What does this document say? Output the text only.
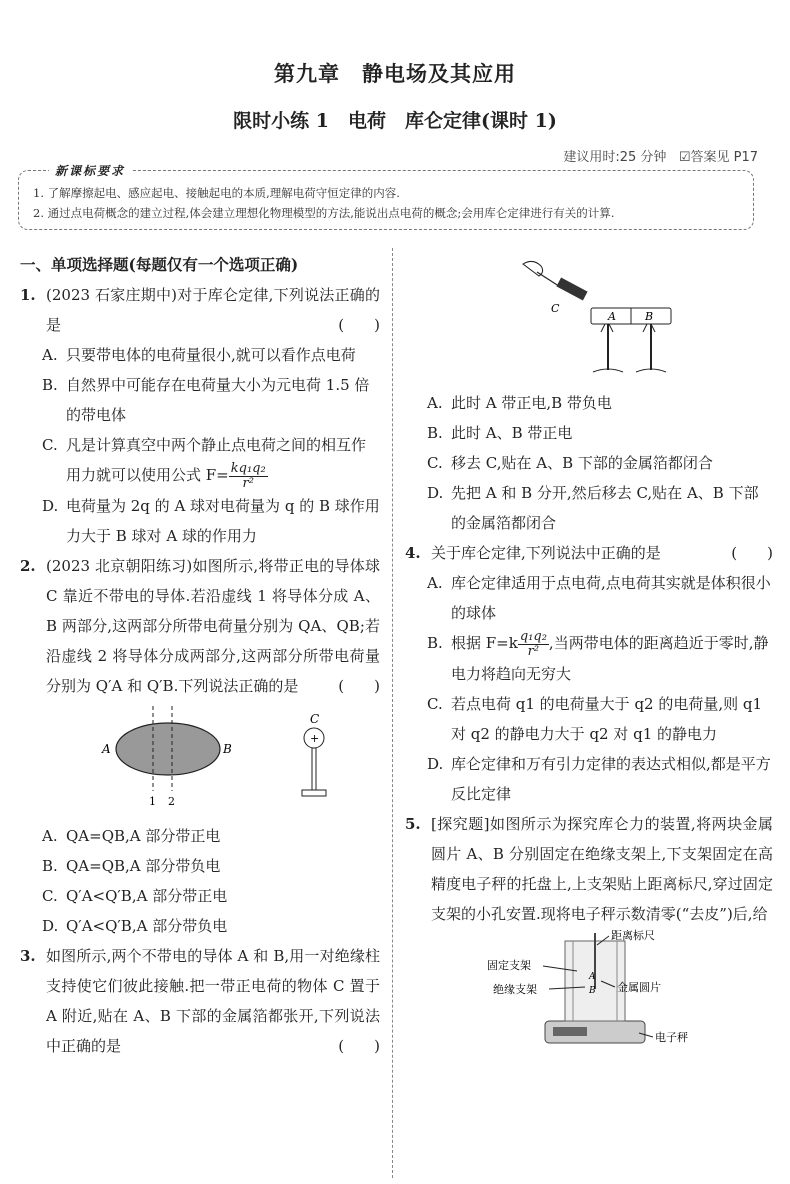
第九章　静电场及其应用
限时小练 1　电荷　库仑定律(课时 1)
建议用时:25 分钟 ☑答案见 P17
新课标要求
1. 了解摩擦起电、感应起电、接触起电的本质,理解电荷守恒定律的内容.
2. 通过点电荷概念的建立过程,体会建立理想化物理模型的方法,能说出点电荷的概念;会用库仑定律进行有关的计算.
一、单项选择题(每题仅有一个选项正确)
1. (2023 石家庄期中)对于库仑定律,下列说法正确的是	(　　)
A. 只要带电体的电荷量很小,就可以看作点电荷
B. 自然界中可能存在电荷量大小为元电荷 1.5 倍的带电体
C. 凡是计算真空中两个静止点电荷之间的相互作用力就可以使用公式 $F= \frac{\text{kq₁q₂}}{\text{r²}}$
D. 电荷量为 2q 的 A 球对电荷量为 q 的 B 球作用力大于 B 球对 A 球的作用力
2. (2023 北京朝阳练习)如图所示,将带正电的导体球 C 靠近不带电的导体.若沿虚线 1 将导体分成 A、B 两部分,这两部分所带电荷量分别为 QA、QB;若沿虚线 2 将导体分成两部分,这两部分所带电荷量分别为 Q′A 和 Q′B.下列说法正确的是	(　　)
A	B
1 2
C
+
A. QA=QB,A 部分带正电
B. QA=QB,A 部分带负电
C. Q′A<Q′B,A 部分带正电
D. Q′A<Q′B,A 部分带负电
3. 如图所示,两个不带电的导体 A 和 B,用一对绝缘柱支持使它们彼此接触.把一带正电荷的物体 C 置于 A 附近,贴在 A、B 下部的金属箔都张开,下列说法中正确的是	(　　)
C
A	B
A. 此时 A 带正电,B 带负电
B. 此时 A、B 带正电
C. 移去 C,贴在 A、B 下部的金属箔都闭合
D. 先把 A 和 B 分开,然后移去 C,贴在 A、B 下部的金属箔都闭合
4. 关于库仑定律,下列说法中正确的是	(　　)
A. 库仑定律适用于点电荷,点电荷其实就是体积很小的球体
B. 根据 $F=k \frac{\text{q₁q₂}}{\text{r²}}$ ,当两带电体的距离趋近于零时,静电力将趋向无穷大
C. 若点电荷 q1 的电荷量大于 q2 的电荷量,则 q1 对 q2 的静电力大于 q2 对 q1 的静电力
D. 库仑定律和万有引力定律的表达式相似,都是平方反比定律
5. [探究题]如图所示为探究库仑力的装置,将两块金属圆片 A、B 分别固定在绝缘支架上,下支架固定在高精度电子秤的托盘上,上支架贴上距离标尺,穿过固定支架的小孔安置.现将电子秤示数清零(“去皮”)后,给
A
B
距离标尺
固定支架
绝缘支架	金属圆片
电子秤
